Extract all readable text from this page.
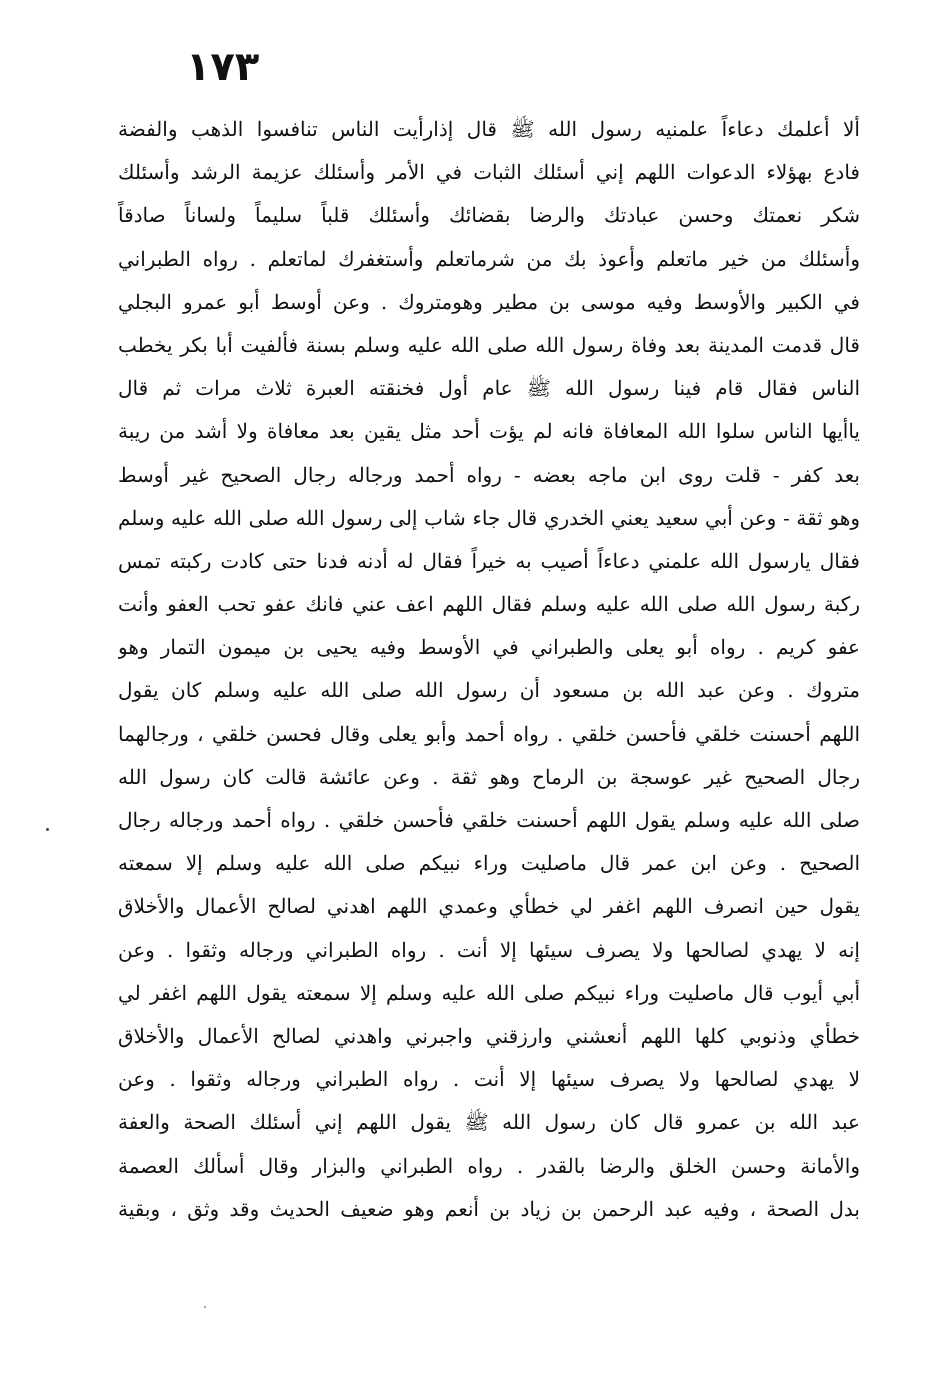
١٧٣
ألا أعلمك دعاءاً علمنيه رسول الله ﷺ قال إذارأيت الناس تنافسوا الذهب والفضة
فادع بهؤلاء الدعوات اللهم إني أسئلك الثبات في الأمر وأسئلك عزيمة الرشد وأسئلك
شكر نعمتك وحسن عبادتك والرضا بقضائك وأسئلك قلباً سليماً ولساناً صادقاً
وأسئلك من خير ماتعلم وأعوذ بك من شرماتعلم وأستغفرك لماتعلم . رواه الطبراني
في الكبير والأوسط وفيه موسى بن مطير وهومتروك . وعن أوسط أبو عمرو البجلي
قال قدمت المدينة بعد وفاة رسول الله صلى الله عليه وسلم بسنة فألفيت أبا بكر يخطب
الناس فقال قام فينا رسول الله ﷺ عام أول فخنقته العبرة ثلاث مرات ثم قال
ياأيها الناس سلوا الله المعافاة فانه لم يؤت أحد مثل يقين بعد معافاة ولا أشد من ريبة
بعد كفر - قلت روى ابن ماجه بعضه - رواه أحمد ورجاله رجال الصحيح غير أوسط
وهو ثقة - وعن أبي سعيد يعني الخدري قال جاء شاب إلى رسول الله صلى الله عليه وسلم
فقال يارسول الله علمني دعاءاً أصيب به خيراً فقال له أدنه فدنا حتى كادت ركبته تمس
ركبة رسول الله صلى الله عليه وسلم فقال اللهم اعف عني فانك عفو تحب العفو وأنت
عفو كريم . رواه أبو يعلى والطبراني في الأوسط وفيه يحيى بن ميمون التمار وهو
متروك . وعن عبد الله بن مسعود أن رسول الله صلى الله عليه وسلم كان يقول
اللهم أحسنت خلقي فأحسن خلقي . رواه أحمد وأبو يعلى وقال فحسن خلقي ، ورجالهما
رجال الصحيح غير عوسجة بن الرماح وهو ثقة . وعن عائشة قالت كان رسول الله
صلى الله عليه وسلم يقول اللهم أحسنت خلقي فأحسن خلقي . رواه أحمد ورجاله رجال
الصحيح . وعن ابن عمر قال ماصليت وراء نبيكم صلى الله عليه وسلم إلا سمعته
يقول حين انصرف اللهم اغفر لي خطأي وعمدي اللهم اهدني لصالح الأعمال والأخلاق
إنه لا يهدي لصالحها ولا يصرف سيئها إلا أنت . رواه الطبراني ورجاله وثقوا . وعن
أبي أيوب قال ماصليت وراء نبيكم صلى الله عليه وسلم إلا سمعته يقول اللهم اغفر لي
خطأي وذنوبي كلها اللهم أنعشني وارزقني واجبرني واهدني لصالح الأعمال والأخلاق
لا يهدي لصالحها ولا يصرف سيئها إلا أنت . رواه الطبراني ورجاله وثقوا . وعن
عبد الله بن عمرو قال كان رسول الله ﷺ يقول اللهم إني أسئلك الصحة والعفة
والأمانة وحسن الخلق والرضا بالقدر . رواه الطبراني والبزار وقال أسألك العصمة
بدل الصحة ، وفيه عبد الرحمن بن زياد بن أنعم وهو ضعيف الحديث وقد وثق ، وبقية
